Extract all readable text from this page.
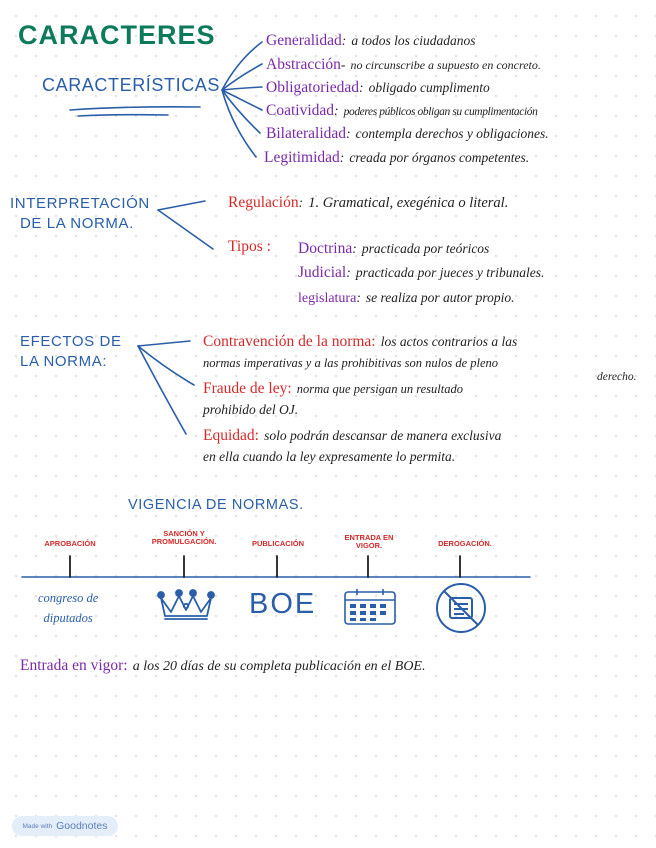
CARACTERES
CARACTERÍSTICAS
Generalidad: a todos los ciudadanos
Abstracción- no circunscribe a supuesto en concreto.
Obligatoriedad: obligado cumplimento
Coatividad: poderes públicos obligan su cumplimentación
Bilateralidad: contempla derechos y obligaciones.
Legitimidad: creada por órganos competentes.
INTERPRETACIÓN
DE LA NORMA.
Regulación: 1. Gramatical, exegénica o literal.
Tipos : Doctrina: practicada por teóricos
Judicial: practicada por jueces y tribunales.
legislatura: se realiza por autor propio.
EFECTOS DE
LA NORMA:
Contravención de la norma: los actos contrarios a las
normas imperativas y a las prohibitivas son nulos de pleno
derecho.
Fraude de ley: norma que persigan un resultado
prohibido del OJ.
Equidad: solo podrán descansar de manera exclusiva
en ella cuando la ley expresamente lo permita.
VIGENCIA DE NORMAS.
APROBACIÓN
SANCIÓN Y
PROMULGACIÓN.	PUBLICACIÓN
ENTRADA EN
VIGOR.	DEROGACIÓN.
congreso de
diputados	BOE
Entrada en vigor: a los 20 días de su completa publicación en el BOE.
Made with Goodnotes
